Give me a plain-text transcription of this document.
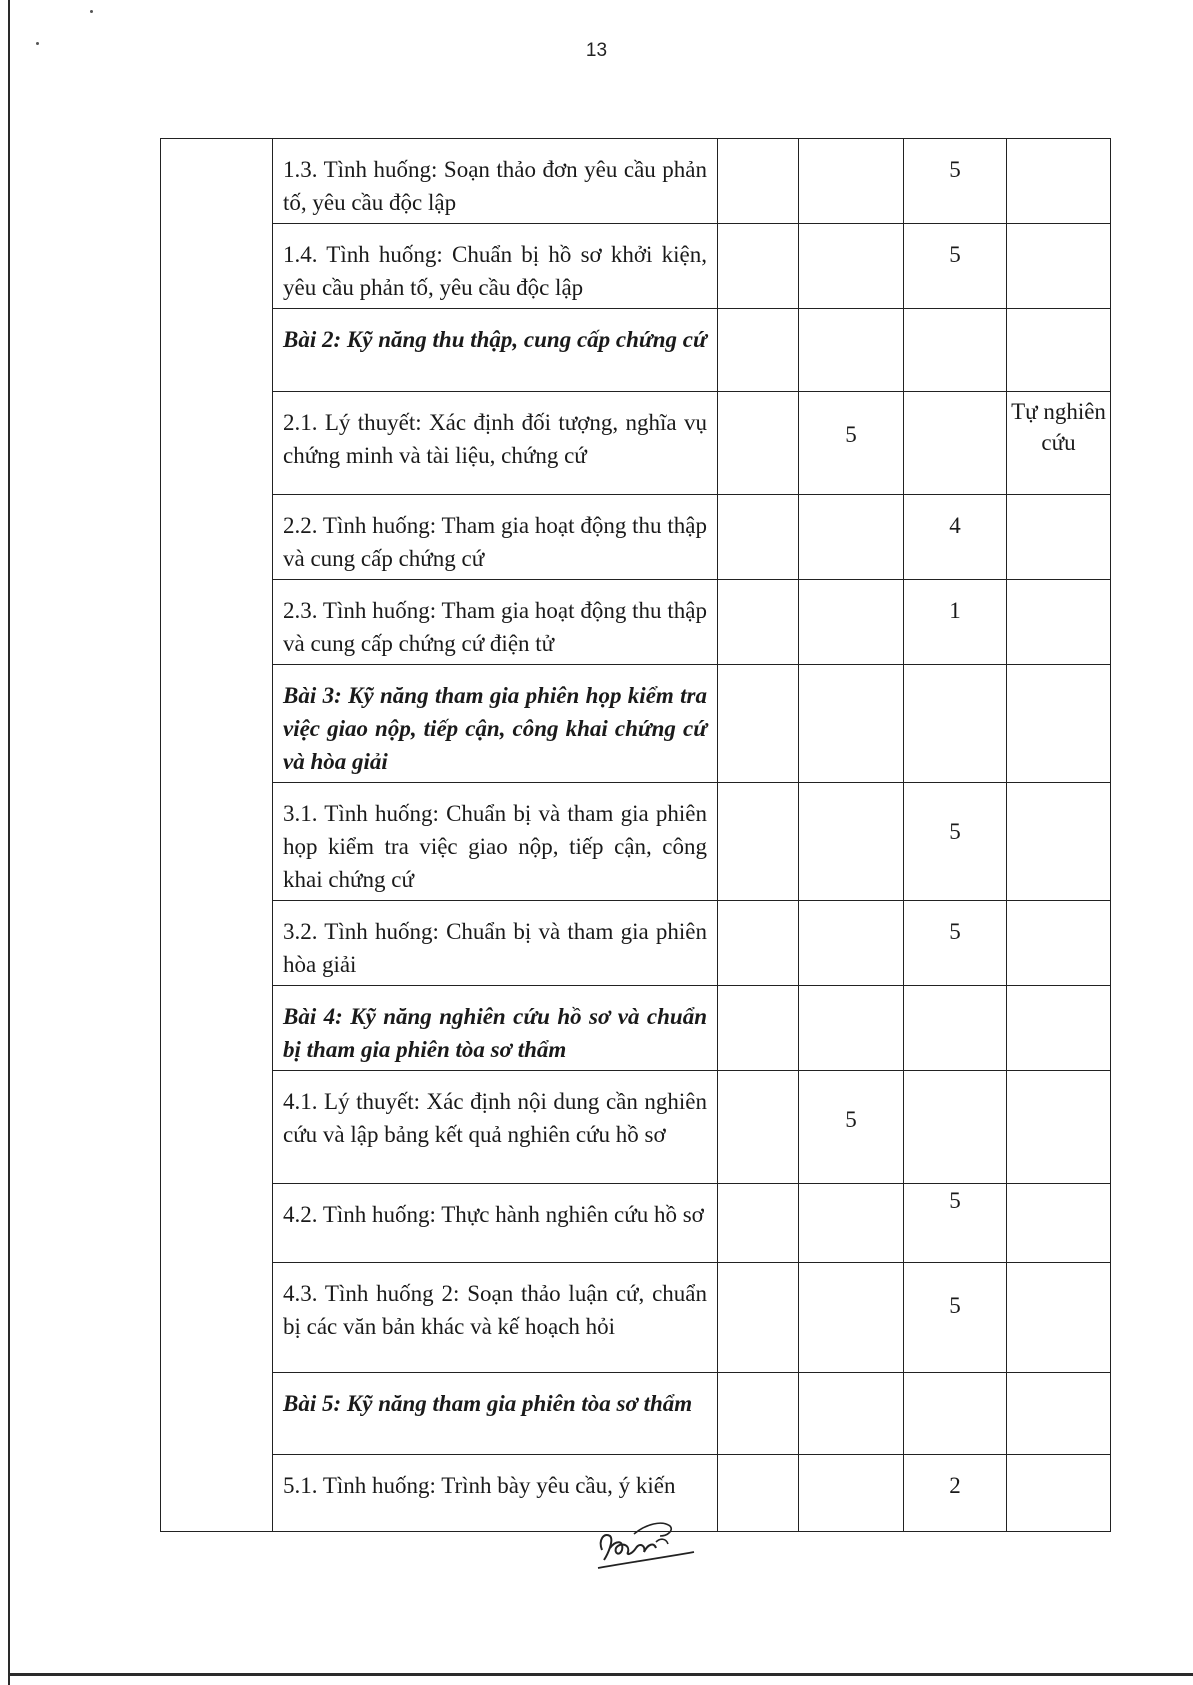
13
	1.3. Tình huống: Soạn thảo đơn yêu cầu phản tố, yêu cầu độc lập			5	
	1.4. Tình huống: Chuẩn bị hồ sơ khởi kiện, yêu cầu phản tố, yêu cầu độc lập			5	
	Bài 2: Kỹ năng thu thập, cung cấp chứng cứ				
	2.1. Lý thuyết: Xác định đối tượng, nghĩa vụ chứng minh và tài liệu, chứng cứ		5		Tự nghiên cứu
	2.2. Tình huống: Tham gia hoạt động thu thập và cung cấp chứng cứ			4	
	2.3. Tình huống: Tham gia hoạt động thu thập và cung cấp chứng cứ điện tử			1	
	Bài 3: Kỹ năng tham gia phiên họp kiểm tra việc giao nộp, tiếp cận, công khai chứng cứ và hòa giải				
	3.1. Tình huống: Chuẩn bị và tham gia phiên họp kiểm tra việc giao nộp, tiếp cận, công khai chứng cứ			5	
	3.2. Tình huống: Chuẩn bị và tham gia phiên hòa giải			5	
	Bài 4: Kỹ năng nghiên cứu hồ sơ và chuẩn bị tham gia phiên tòa sơ thẩm				
	4.1. Lý thuyết: Xác định nội dung cần nghiên cứu và lập bảng kết quả nghiên cứu hồ sơ		5		
	4.2. Tình huống: Thực hành nghiên cứu hồ sơ			5	
	4.3. Tình huống 2: Soạn thảo luận cứ, chuẩn bị các văn bản khác và kế hoạch hỏi			5	
	Bài 5: Kỹ năng tham gia phiên tòa sơ thẩm				
	5.1. Tình huống: Trình bày yêu cầu, ý kiến			2	
